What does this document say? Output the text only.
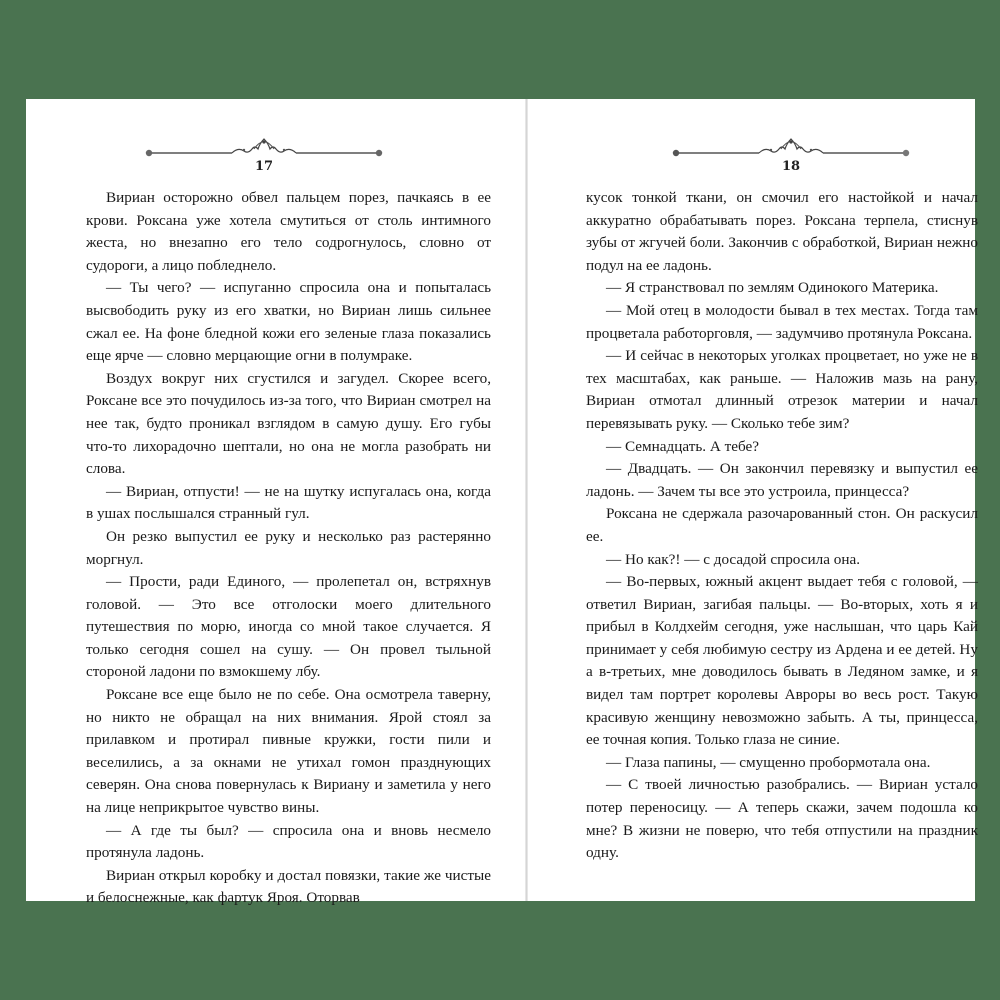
17

Вириан осторожно обвел пальцем порез, пачкаясь в ее крови. Роксана уже хотела смутиться от столь интимного жеста, но внезапно его тело содрогнулось, словно от судороги, а лицо побледнело.

— Ты чего? — испуганно спросила она и попыталась высвободить руку из его хватки, но Вириан лишь сильнее сжал ее. На фоне бледной кожи его зеленые глаза показались еще ярче — словно мерцающие огни в полумраке.

Воздух вокруг них сгустился и загудел. Скорее всего, Роксане все это почудилось из-за того, что Вириан смотрел на нее так, будто проникал взглядом в самую душу. Его губы что-то лихорадочно шептали, но она не могла разобрать ни слова.

— Вириан, отпусти! — не на шутку испугалась она, когда в ушах послышался странный гул.

Он резко выпустил ее руку и несколько раз растерянно моргнул.

— Прости, ради Единого, — пролепетал он, встряхнув головой. — Это все отголоски моего длительного путешествия по морю, иногда со мной такое случается. Я только сегодня сошел на сушу. — Он провел тыльной стороной ладони по взмокшему лбу.

Роксане все еще было не по себе. Она осмотрела таверну, но никто не обращал на них внимания. Ярой стоял за прилавком и протирал пивные кружки, гости пили и веселились, а за окнами не утихал гомон празднующих северян. Она снова повернулась к Вириану и заметила у него на лице неприкрытое чувство вины.

— А где ты был? — спросила она и вновь несмело протянула ладонь.

Вириан открыл коробку и достал повязки, такие же чистые и белоснежные, как фартук Яроя. Оторвав

18

кусок тонкой ткани, он смочил его настойкой и начал аккуратно обрабатывать порез. Роксана терпела, стиснув зубы от жгучей боли. Закончив с обработкой, Вириан нежно подул на ее ладонь.

— Я странствовал по землям Одинокого Материка.

— Мой отец в молодости бывал в тех местах. Тогда там процветала работорговля, — задумчиво протянула Роксана.

— И сейчас в некоторых уголках процветает, но уже не в тех масштабах, как раньше. — Наложив мазь на рану, Вириан отмотал длинный отрезок материи и начал перевязывать руку. — Сколько тебе зим?

— Семнадцать. А тебе?

— Двадцать. — Он закончил перевязку и выпустил ее ладонь. — Зачем ты все это устроила, принцесса?

Роксана не сдержала разочарованный стон. Он раскусил ее.

— Но как?! — с досадой спросила она.

— Во-первых, южный акцент выдает тебя с головой, — ответил Вириан, загибая пальцы. — Во-вторых, хоть я и прибыл в Колдхейм сегодня, уже наслышан, что царь Кай принимает у себя любимую сестру из Ардена и ее детей. Ну а в-третьих, мне доводилось бывать в Ледяном замке, и я видел там портрет королевы Авроры во весь рост. Такую красивую женщину невозможно забыть. А ты, принцесса, ее точная копия. Только глаза не синие.

— Глаза папины, — смущенно пробормотала она.

— С твоей личностью разобрались. — Вириан устало потер переносицу. — А теперь скажи, зачем подошла ко мне? В жизни не поверю, что тебя отпустили на праздник одну.
